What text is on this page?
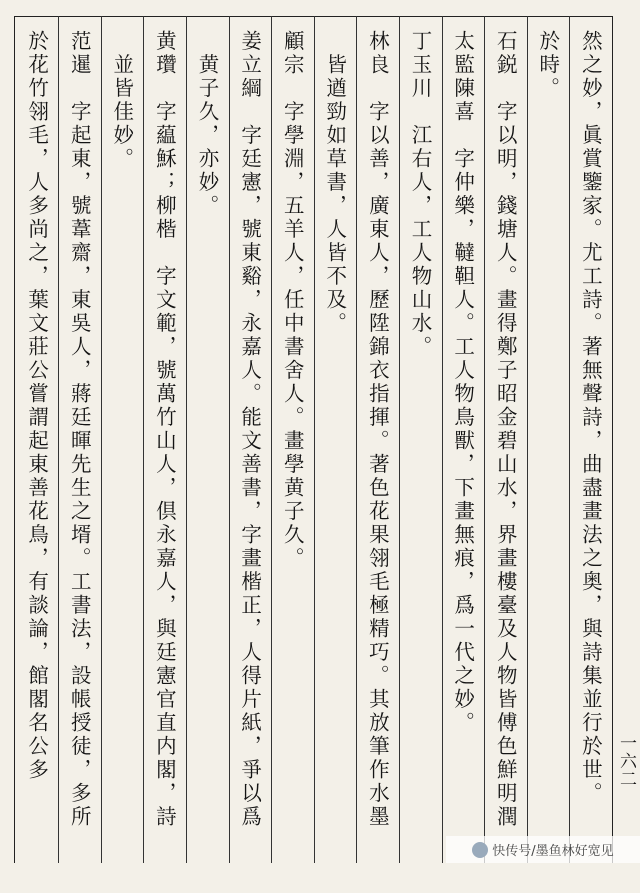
然之妙，眞賞鑒家。尤工詩。著無聲詩，曲盡畫法之奥，與詩集並行於世。
於時。
石鋭　字以明，錢塘人。畫得鄭子昭金碧山水，界畫樓臺及人物皆傅色鮮明潤
太監陳喜　字仲樂，韃靼人。工人物鳥獸，下畫無痕，爲一代之妙。
丁玉川　江右人，工人物山水。
林良　字以善，廣東人，歷陞錦衣指揮。著色花果翎毛極精巧。其放筆作水墨
　皆遒勁如草書，人皆不及。
顧宗　字學淵，五羊人，任中書舍人。畫學黄子久。
姜立綱　字廷憲，號東谿，永嘉人。能文善書，字畫楷正，人得片紙，爭以爲
　黄子久，亦妙。
黄瓚　字藴穌；柳楷　字文範，號萬竹山人，倶永嘉人，與廷憲官直内閣，詩
　並皆佳妙。
范暹　字起東，號葦齋，東吳人，蔣廷暉先生之壻。工書法，設帳授徒，多所
於花竹翎毛，人多尚之，葉文莊公嘗謂起東善花鳥，有談論，館閣名公多	一六二
快传号/墨鱼林好宽见
